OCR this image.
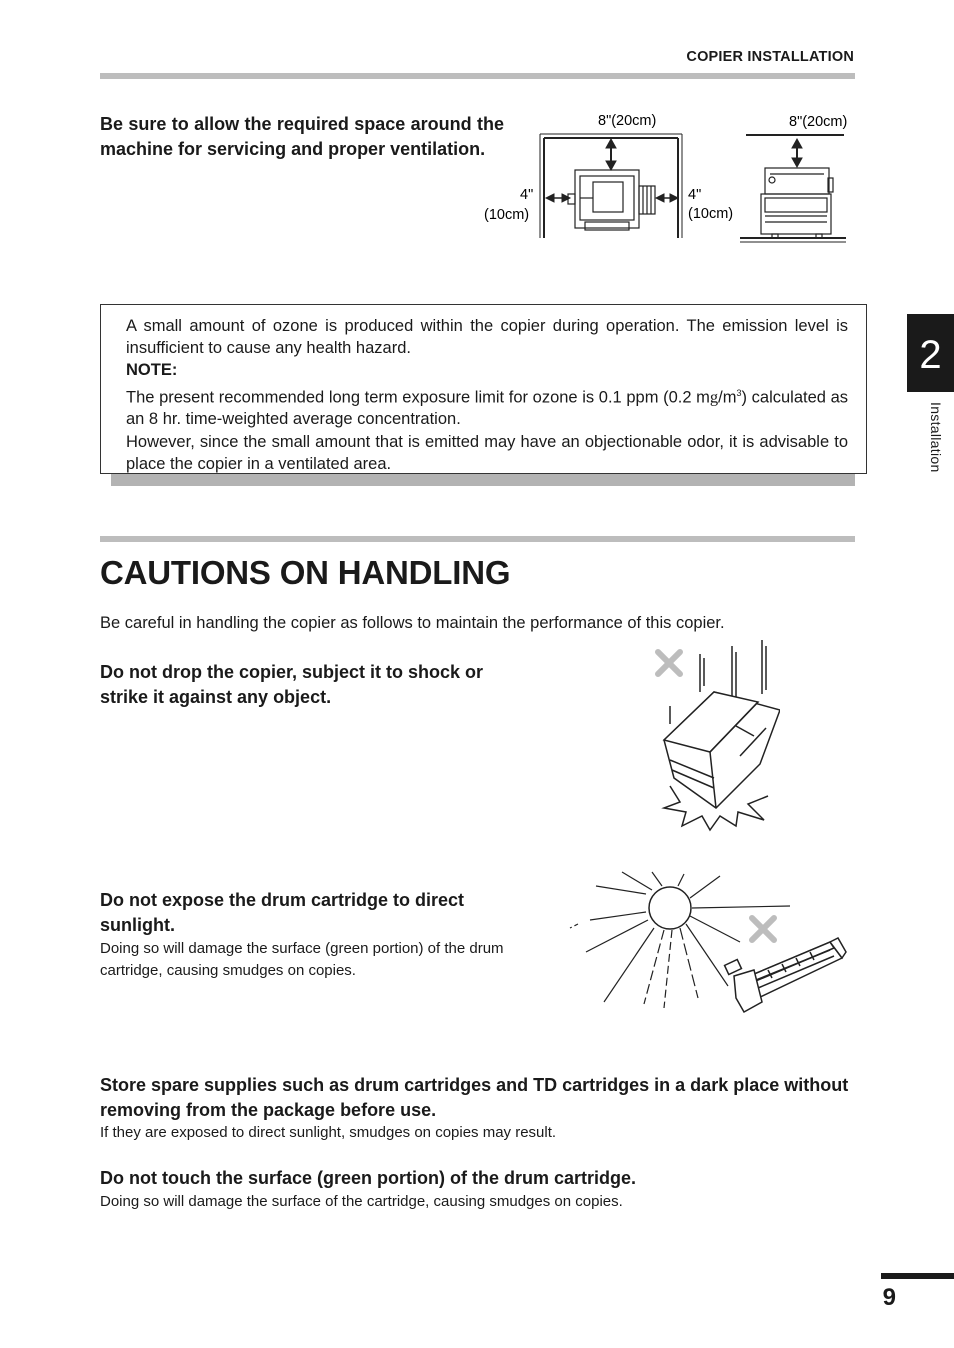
COPIER INSTALLATION
2
Installation
Be sure to allow the required space around the machine for servicing and proper ventilation.
8"(20cm)
4"
(10cm)
4"
(10cm)
8"(20cm)

A small amount of ozone is produced within the copier during operation. The emission level is insufficient to cause any health hazard.

NOTE:

The present recommended long term exposure limit for ozone is 0.1 ppm (0.2 $mg/m^3$) calculated as an 8 hr. time-weighted average concentration.

However, since the small amount that is emitted may have an objectionable odor, it is advisable to place the copier in a ventilated area.

CAUTIONS ON HANDLING
Be careful in handling the copier as follows to maintain the performance of this copier.
Do not drop the copier, subject it to shock or strike it against any object.
Do not expose the drum cartridge to direct sunlight.
Doing so will damage the surface (green portion) of the drum cartridge, causing smudges on copies.
Store spare supplies such as drum cartridges and TD cartridges in a dark place without removing from the package before use.
If they are exposed to direct sunlight, smudges on copies may result.
Do not touch the surface (green portion) of the drum cartridge.
Doing so will damage the surface of the cartridge, causing smudges on copies.
9
